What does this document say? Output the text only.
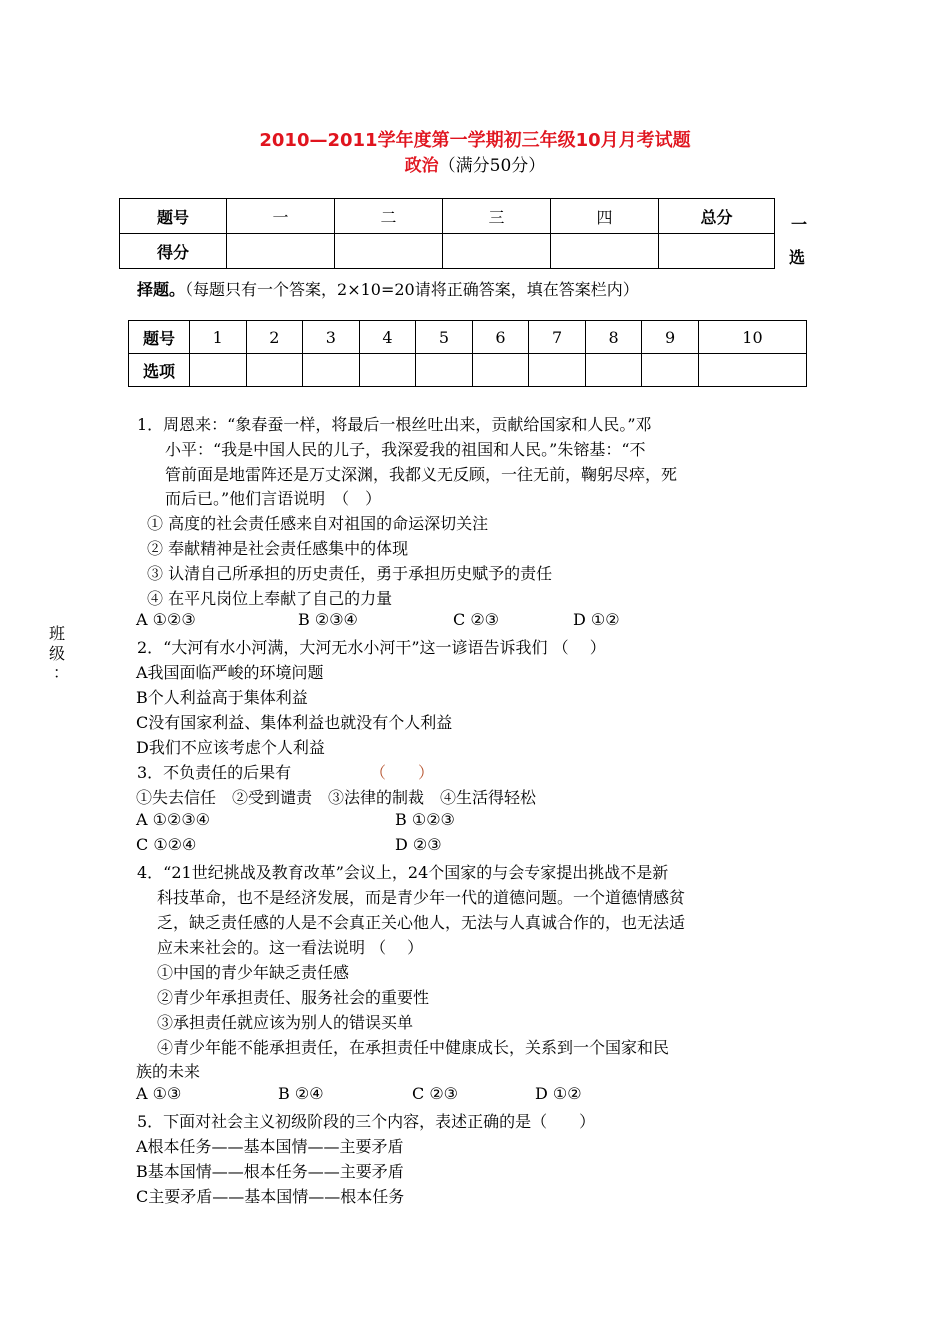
2010—2011学年度第一学期初三年级10月月考试题
政治（满分50分）
题号	一	二	三	四	总分
得分					
一
选
择题。（每题只有一个答案，2×10=20请将正确答案，填在答案栏内）
题号	1	2	3	4	5	6	7	8	9	10
选项										
班
级
：
1．周恩来：“象春蚕一样，将最后一根丝吐出来，贡献给国家和人民。”邓
小平：“我是中国人民的儿子，我深爱我的祖国和人民。”朱镕基：“不
管前面是地雷阵还是万丈深渊，我都义无反顾，一往无前，鞠躬尽瘁，死
而后已。”他们言语说明　（　）
① 高度的社会责任感来自对祖国的命运深切关注
② 奉献精神是社会责任感集中的体现
③ 认清自己所承担的历史责任，勇于承担历史赋予的责任
④ 在平凡岗位上奉献了自己的力量
A ①②③	B ②③④	C ②③	D ①②
2．“大河有水小河满，大河无水小河干”这一谚语告诉我们 （　 ）
A我国面临严峻的环境问题
B个人利益高于集体利益
C没有国家利益、集体利益也就没有个人利益
D我们不应该考虑个人利益
3．不负责任的后果有	（　　）
①失去信任　②受到谴责　③法律的制裁　④生活得轻松
A ①②③④	B ①②③
C ①②④	D ②③
4．“21世纪挑战及教育改革”会议上，24个国家的与会专家提出挑战不是新
科技革命，也不是经济发展，而是青少年一代的道德问题。一个道德情感贫
乏，缺乏责任感的人是不会真正关心他人，无法与人真诚合作的，也无法适
应未来社会的。这一看法说明 （　 ）
①中国的青少年缺乏责任感
②青少年承担责任、服务社会的重要性
③承担责任就应该为别人的错误买单
④青少年能不能承担责任，在承担责任中健康成长，关系到一个国家和民
族的未来
A ①③	B ②④	C ②③	D ①②
5．下面对社会主义初级阶段的三个内容，表述正确的是（　　）
A根本任务——基本国情——主要矛盾
B基本国情——根本任务——主要矛盾
C主要矛盾——基本国情——根本任务
